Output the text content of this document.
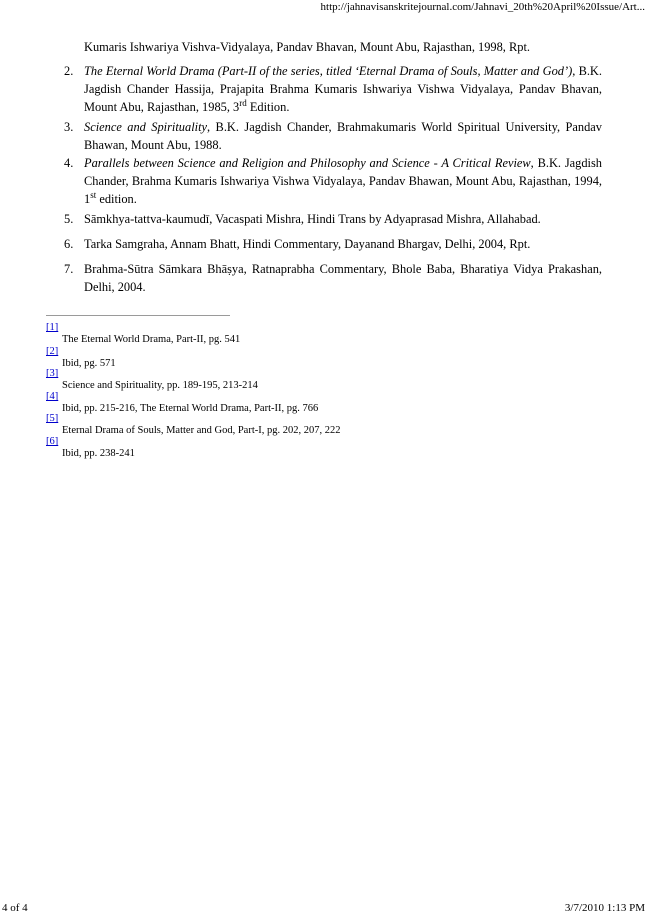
http://jahnavisanskritejournal.com/Jahnavi_20th%20April%20Issue/Art...
Kumaris Ishwariya Vishva-Vidyalaya, Pandav Bhavan, Mount Abu, Rajasthan, 1998, Rpt.
2. The Eternal World Drama (Part-II of the series, titled ‘Eternal Drama of Souls, Matter and God’), B.K. Jagdish Chander Hassija, Prajapita Brahma Kumaris Ishwariya Vishwa Vidyalaya, Pandav Bhavan, Mount Abu, Rajasthan, 1985, 3rd Edition.
3. Science and Spirituality, B.K. Jagdish Chander, Brahmakumaris World Spiritual University, Pandav Bhawan, Mount Abu, 1988.
4. Parallels between Science and Religion and Philosophy and Science - A Critical Review, B.K. Jagdish Chander, Brahma Kumaris Ishwariya Vishwa Vidyalaya, Pandav Bhawan, Mount Abu, Rajasthan, 1994, 1st edition.
5. Sāmkhya-tattva-kaumudī, Vacaspati Mishra, Hindi Trans by Adyaprasad Mishra, Allahabad.
6. Tarka Samgraha, Annam Bhatt, Hindi Commentary, Dayanand Bhargav, Delhi, 2004, Rpt.
7. Brahma-Sūtra Sāmkara Bhāṣya, Ratnaprabha Commentary, Bhole Baba, Bharatiya Vidya Prakashan, Delhi, 2004.
[1]
The Eternal World Drama, Part-II, pg. 541
[2]
Ibid, pg. 571
[3]
Science and Spirituality, pp. 189-195, 213-214
[4]
Ibid, pp. 215-216, The Eternal World Drama, Part-II, pg. 766
[5]
Eternal Drama of Souls, Matter and God, Part-I, pg. 202, 207, 222
[6]
Ibid, pp. 238-241
4 of 4	3/7/2010 1:13 PM
